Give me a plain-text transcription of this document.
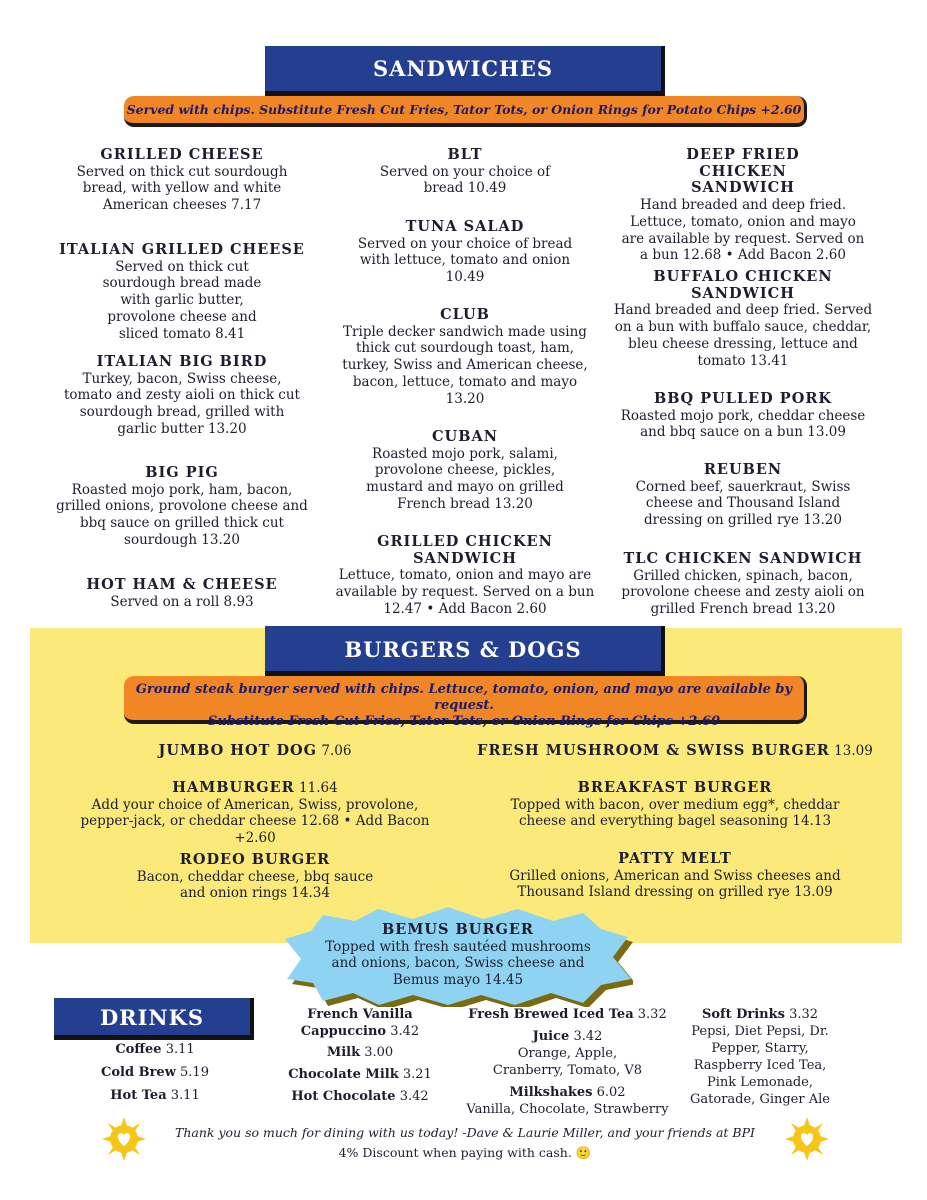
SANDWICHES
Served with chips. Substitute Fresh Cut Fries, Tator Tots, or Onion Rings for Potato Chips +2.60
GRILLED CHEESE
Served on thick cut sourdough bread, with yellow and white American cheeses 7.17
ITALIAN GRILLED CHEESE
Served on thick cut sourdough bread made with garlic butter, provolone cheese and sliced tomato 8.41
ITALIAN BIG BIRD
Turkey, bacon, Swiss cheese, tomato and zesty aioli on thick cut sourdough bread, grilled with garlic butter 13.20
BIG PIG
Roasted mojo pork, ham, bacon, grilled onions, provolone cheese and bbq sauce on grilled thick cut sourdough 13.20
HOT HAM & CHEESE
Served on a roll 8.93
BLT
Served on your choice of bread 10.49
TUNA SALAD
Served on your choice of bread with lettuce, tomato and onion 10.49
CLUB
Triple decker sandwich made using thick cut sourdough toast, ham, turkey, Swiss and American cheese, bacon, lettuce, tomato and mayo 13.20
CUBAN
Roasted mojo pork, salami, provolone cheese, pickles, mustard and mayo on grilled French bread 13.20
GRILLED CHICKEN SANDWICH
Lettuce, tomato, onion and mayo are available by request. Served on a bun 12.47 • Add Bacon 2.60
DEEP FRIED CHICKEN SANDWICH
Hand breaded and deep fried. Lettuce, tomato, onion and mayo are available by request. Served on a bun 12.68 • Add Bacon 2.60
BUFFALO CHICKEN SANDWICH
Hand breaded and deep fried. Served on a bun with buffalo sauce, cheddar, bleu cheese dressing, lettuce and tomato 13.41
BBQ PULLED PORK
Roasted mojo pork, cheddar cheese and bbq sauce on a bun 13.09
REUBEN
Corned beef, sauerkraut, Swiss cheese and Thousand Island dressing on grilled rye 13.20
TLC CHICKEN SANDWICH
Grilled chicken, spinach, bacon, provolone cheese and zesty aioli on grilled French bread 13.20
BURGERS & DOGS
Ground steak burger served with chips. Lettuce, tomato, onion, and mayo are available by request.
Substitute Fresh Cut Fries, Tator Tots, or Onion Rings for Chips +2.60
JUMBO HOT DOG 7.06
HAMBURGER 11.64
Add your choice of American, Swiss, provolone, pepper-jack, or cheddar cheese 12.68 • Add Bacon +2.60
RODEO BURGER
Bacon, cheddar cheese, bbq sauce and onion rings 14.34
FRESH MUSHROOM & SWISS BURGER 13.09
BREAKFAST BURGER
Topped with bacon, over medium egg*, cheddar cheese and everything bagel seasoning 14.13
PATTY MELT
Grilled onions, American and Swiss cheeses and Thousand Island dressing on grilled rye 13.09
BEMUS BURGER
Topped with fresh sautéed mushrooms and onions, bacon, Swiss cheese and Bemus mayo 14.45
DRINKS
Coffee 3.11
Cold Brew 5.19
Hot Tea 3.11
French Vanilla Cappuccino 3.42
Milk 3.00
Chocolate Milk 3.21
Hot Chocolate 3.42
Fresh Brewed Iced Tea 3.32
Juice 3.42
Orange, Apple, Cranberry, Tomato, V8
Milkshakes 6.02
Vanilla, Chocolate, Strawberry
Soft Drinks 3.32
Pepsi, Diet Pepsi, Dr. Pepper, Starry, Raspberry Iced Tea, Pink Lemonade, Gatorade, Ginger Ale
Thank you so much for dining with us today! -Dave & Laurie Miller, and your friends at BPI
4% Discount when paying with cash. 🙂
